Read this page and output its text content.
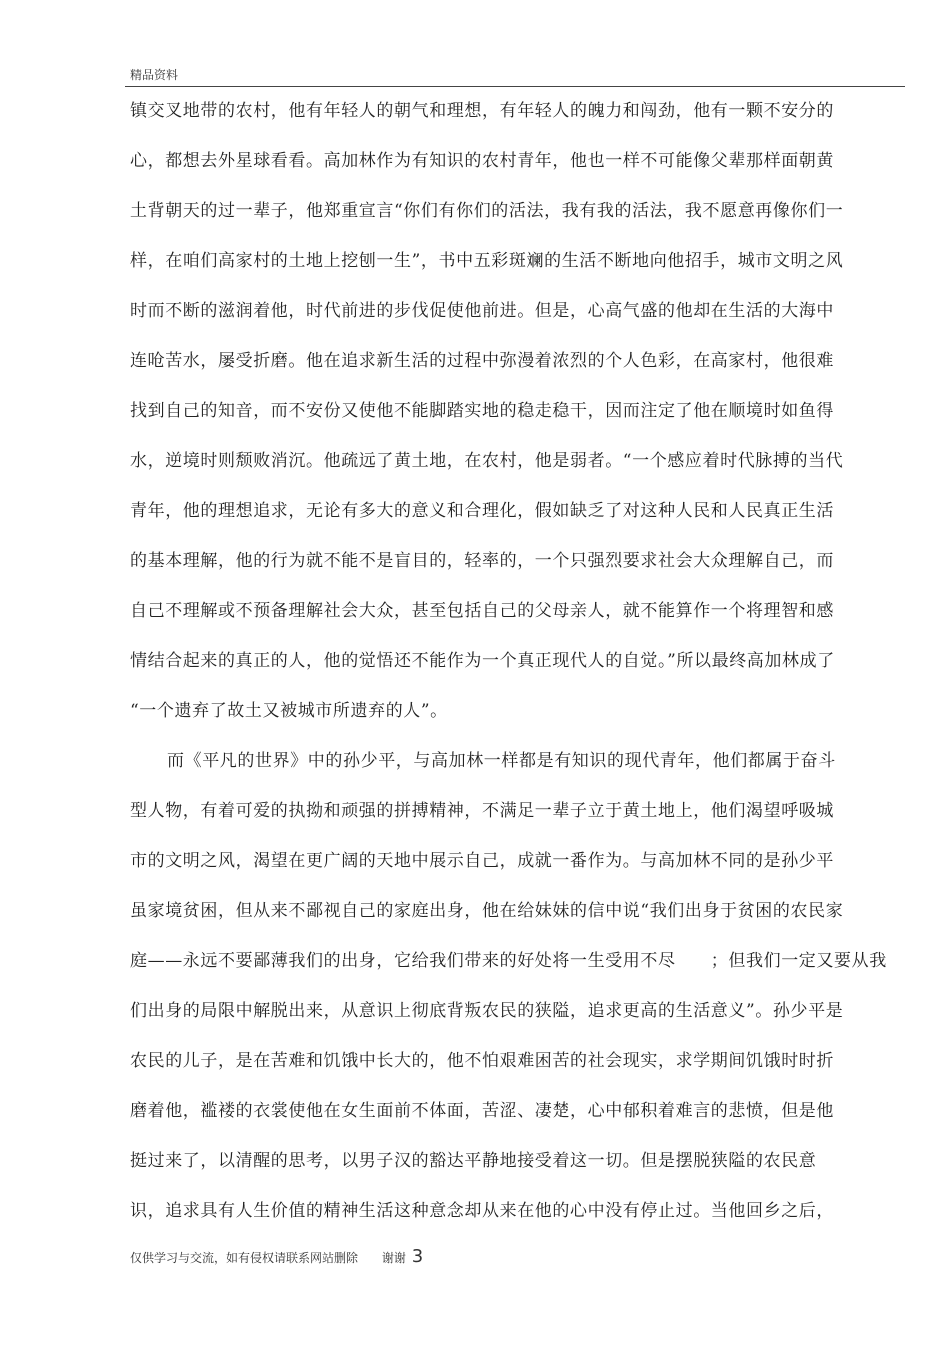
精品资料
镇交叉地带的农村，他有年轻人的朝气和理想，有年轻人的魄力和闯劲，他有一颗不安分的
心，都想去外星球看看。高加林作为有知识的农村青年，他也一样不可能像父辈那样面朝黄
土背朝天的过一辈子，他郑重宣言“你们有你们的活法，我有我的活法，我不愿意再像你们一
样，在咱们高家村的土地上挖刨一生”，书中五彩斑斓的生活不断地向他招手，城市文明之风
时而不断的滋润着他，时代前进的步伐促使他前进。但是，心高气盛的他却在生活的大海中
连呛苦水，屡受折磨。他在追求新生活的过程中弥漫着浓烈的个人色彩，在高家村，他很难
找到自己的知音，而不安份又使他不能脚踏实地的稳走稳干，因而注定了他在顺境时如鱼得
水，逆境时则颓败消沉。他疏远了黄土地，在农村，他是弱者。“一个感应着时代脉搏的当代
青年，他的理想追求，无论有多大的意义和合理化，假如缺乏了对这种人民和人民真正生活
的基本理解，他的行为就不能不是盲目的，轻率的，一个只强烈要求社会大众理解自己，而
自己不理解或不预备理解社会大众，甚至包括自己的父母亲人，就不能算作一个将理智和感
情结合起来的真正的人，他的觉悟还不能作为一个真正现代人的自觉。”所以最终高加林成了
“一个遗弃了故土又被城市所遗弃的人”。
而《平凡的世界》中的孙少平，与高加林一样都是有知识的现代青年，他们都属于奋斗
型人物，有着可爱的执拗和顽强的拼搏精神，不满足一辈子立于黄土地上，他们渴望呼吸城
市的文明之风，渴望在更广阔的天地中展示自己，成就一番作为。与高加林不同的是孙少平
虽家境贫困，但从来不鄙视自己的家庭出身，他在给妹妹的信中说“我们出身于贫困的农民家
庭——永远不要鄙薄我们的出身，它给我们带来的好处将一生受用不尽　　；但我们一定又要从我
们出身的局限中解脱出来，从意识上彻底背叛农民的狭隘，追求更高的生活意义”。孙少平是
农民的儿子，是在苦难和饥饿中长大的，他不怕艰难困苦的社会现实，求学期间饥饿时时折
磨着他，褴褛的衣裳使他在女生面前不体面，苦涩、凄楚，心中郁积着难言的悲愤，但是他
挺过来了，以清醒的思考，以男子汉的豁达平静地接受着这一切。但是摆脱狭隘的农民意
识，追求具有人生价值的精神生活这种意念却从来在他的心中没有停止过。当他回乡之后，
仅供学习与交流，如有侵权请联系网站删除 谢谢 3
